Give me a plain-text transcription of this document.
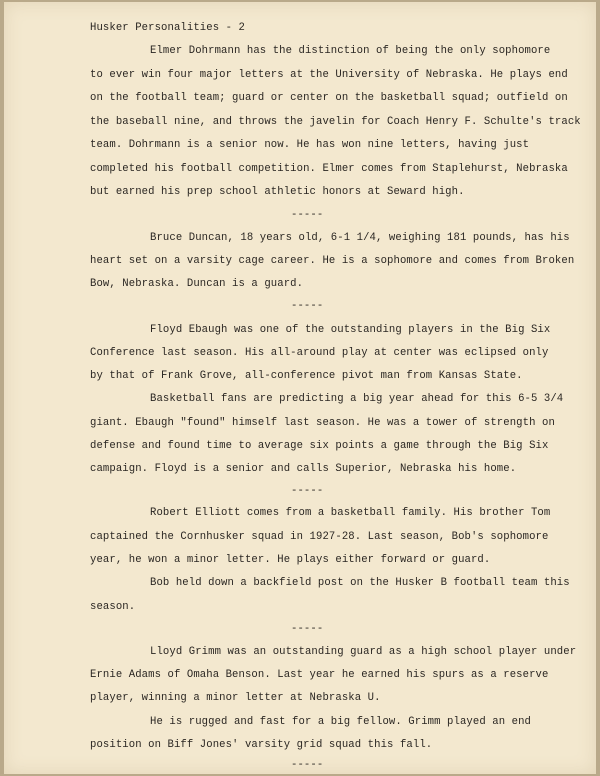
Husker Personalities - 2
Elmer Dohrmann has the distinction of being the only sophomore
to ever win four major letters at the University of Nebraska. He plays end
on the football team; guard or center on the basketball squad; outfield on
the baseball nine, and throws the javelin for Coach Henry F. Schulte's track
team. Dohrmann is a senior now. He has won nine letters, having just
completed his football competition. Elmer comes from Staplehurst, Nebraska
but earned his prep school athletic honors at Seward high.
-----
Bruce Duncan, 18 years old, 6-1 1/4, weighing 181 pounds, has his
heart set on a varsity cage career. He is a sophomore and comes from Broken
Bow, Nebraska. Duncan is a guard.
-----
Floyd Ebaugh was one of the outstanding players in the Big Six
Conference last season. His all-around play at center was eclipsed only
by that of Frank Grove, all-conference pivot man from Kansas State.
Basketball fans are predicting a big year ahead for this 6-5 3/4
giant. Ebaugh "found" himself last season. He was a tower of strength on
defense and found time to average six points a game through the Big Six
campaign. Floyd is a senior and calls Superior, Nebraska his home.
-----
Robert Elliott comes from a basketball family. His brother Tom
captained the Cornhusker squad in 1927-28. Last season, Bob's sophomore
year, he won a minor letter. He plays either forward or guard.
Bob held down a backfield post on the Husker B football team this
season.
-----
Lloyd Grimm was an outstanding guard as a high school player under
Ernie Adams of Omaha Benson. Last year he earned his spurs as a reserve
player, winning a minor letter at Nebraska U.
He is rugged and fast for a big fellow. Grimm played an end
position on Biff Jones' varsity grid squad this fall.
-----
